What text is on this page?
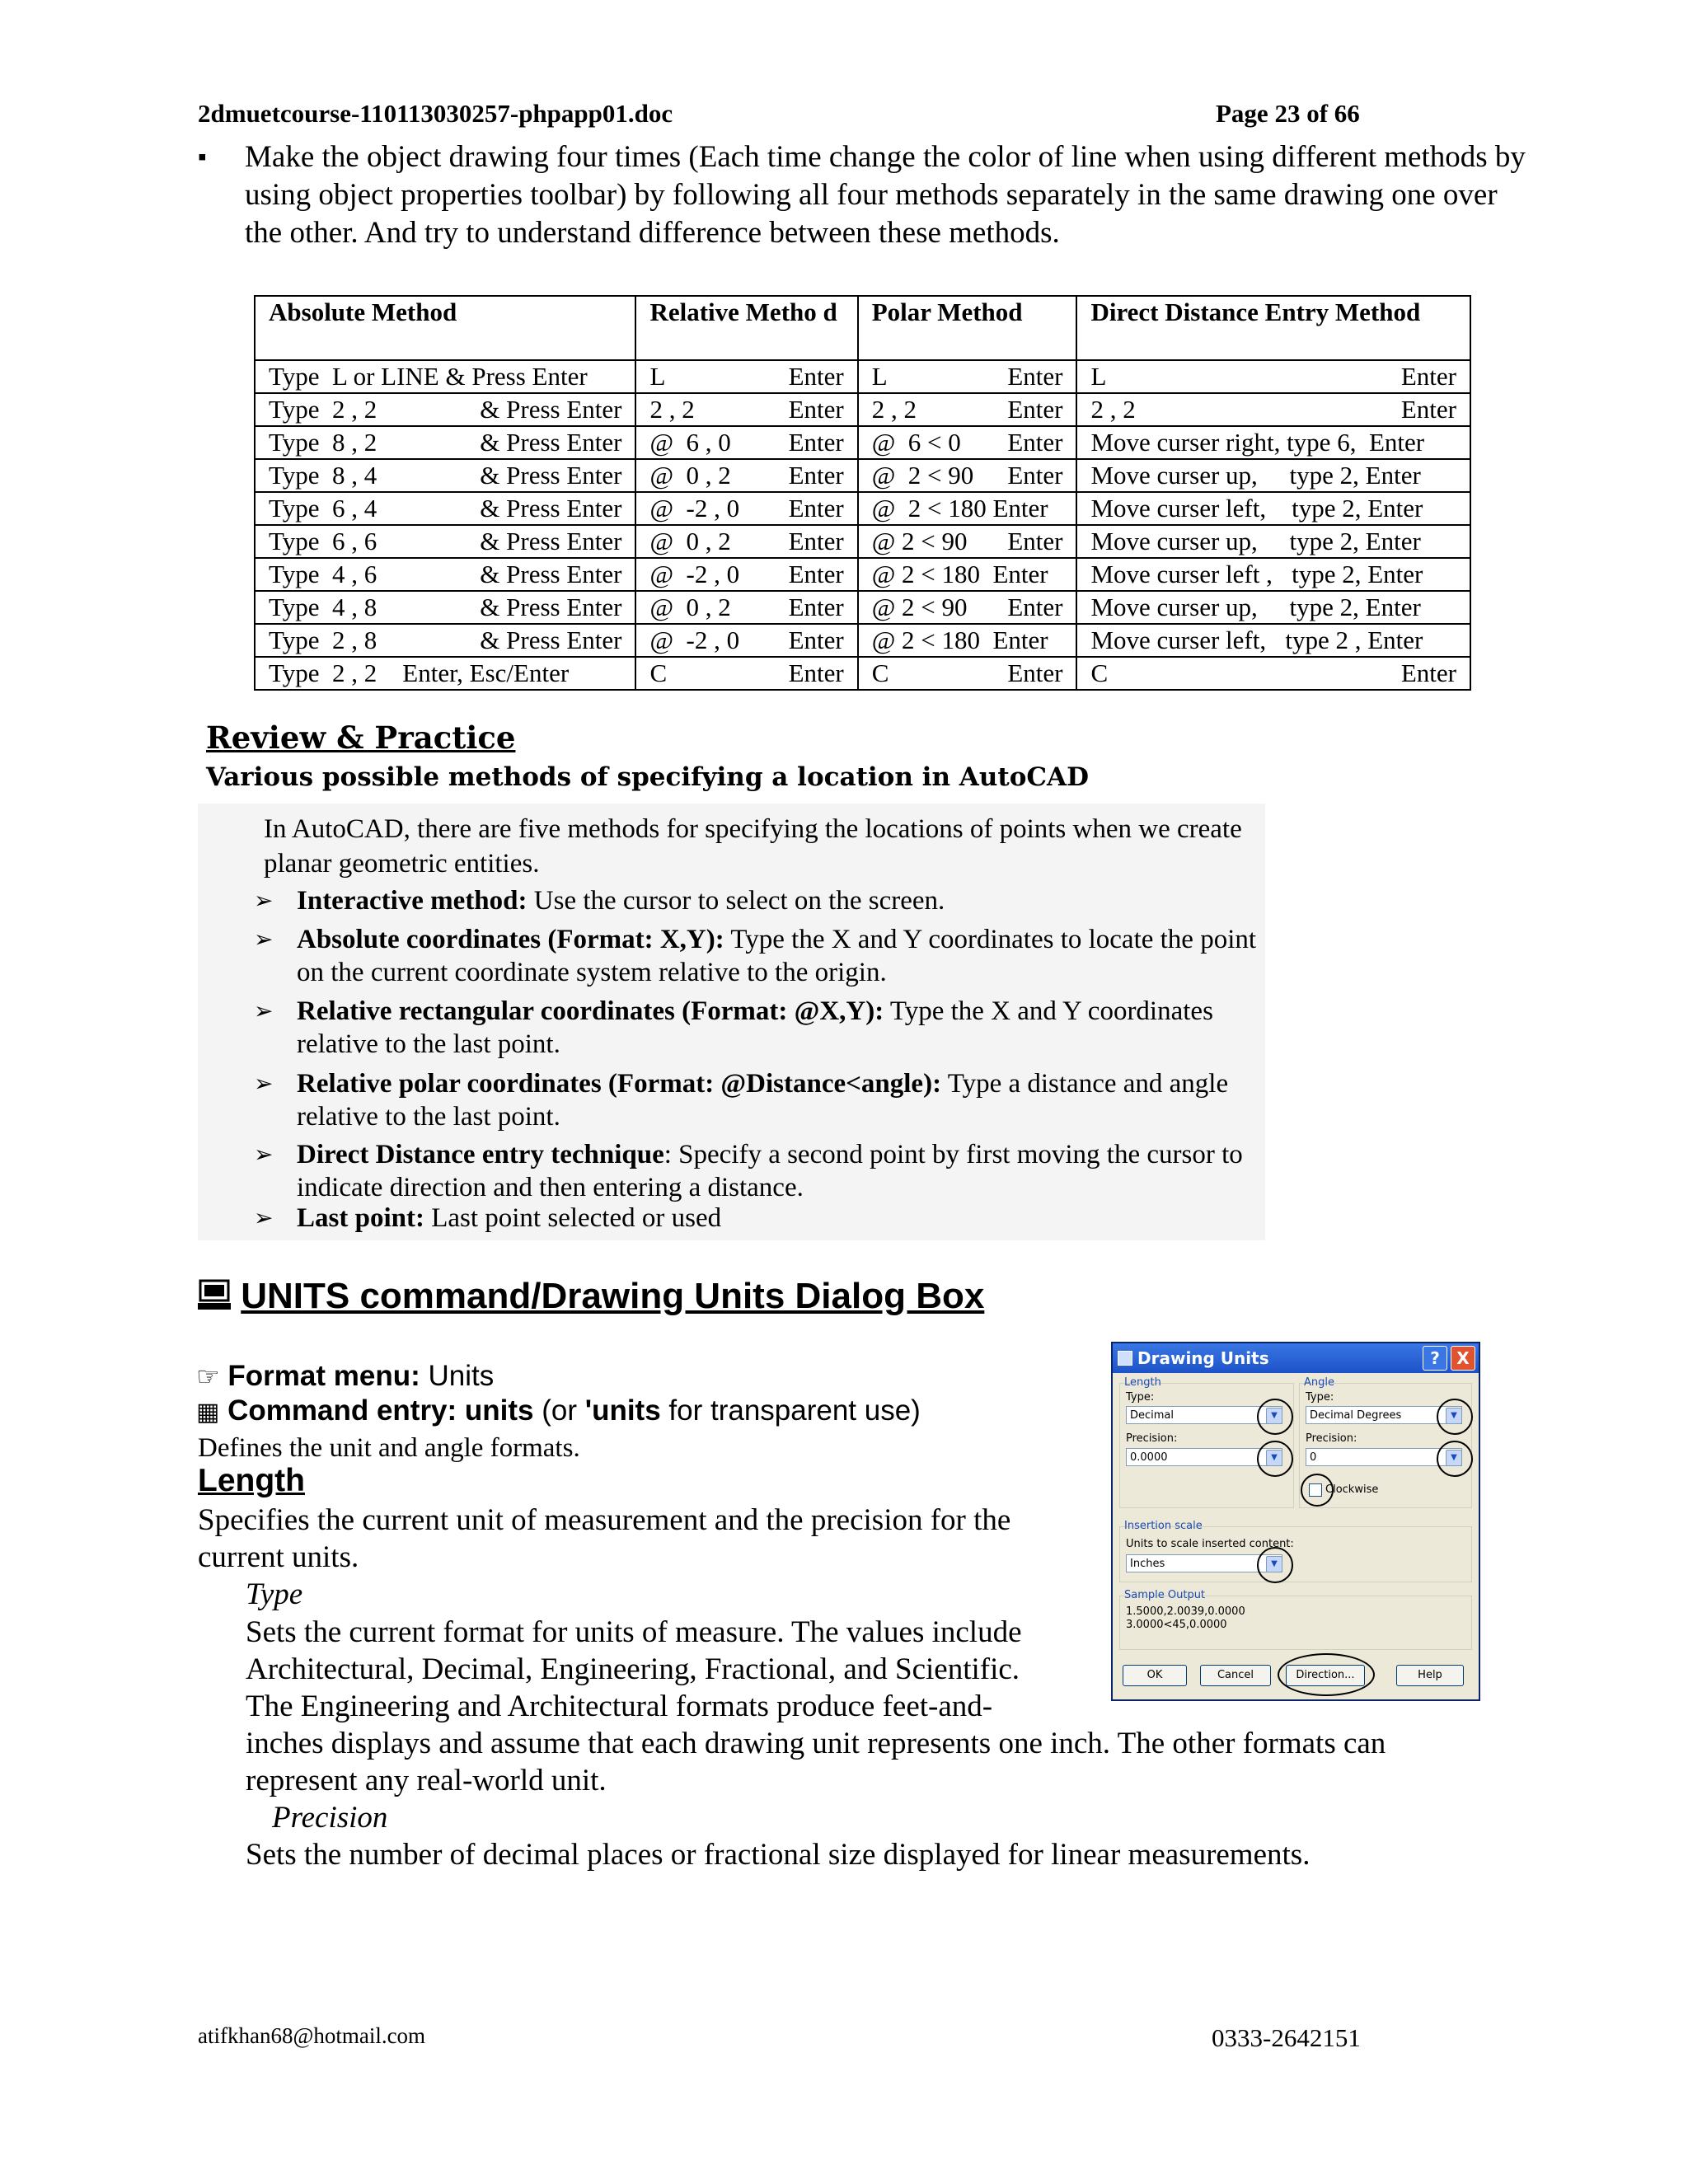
2dmuetcourse-110113030257-phpapp01.doc	Page 23 of 66
▪ Make the object drawing four times (Each time change the color of line when using different methods by using object properties toolbar) by following all four methods separately in the same drawing one over the other. And try to understand difference between these methods.
Absolute Method	Relative Metho d	Polar Method	Direct Distance Entry Method

Type  L or LINE & Press Enter	L Enter	L Enter	L Enter

Type  2 , 2 & Press Enter	2 , 2 Enter	2 , 2 Enter	2 , 2 Enter

Type  8 , 2 & Press Enter	@  6 , 0 Enter	@  6 < 0 Enter	Move curser right, type 6,  Enter

Type  8 , 4 & Press Enter	@  0 , 2 Enter	@  2 < 90 Enter	Move curser up,     type 2, Enter

Type  6 , 4 & Press Enter	@  -2 , 0 Enter	@  2 < 180 Enter	Move curser left,    type 2, Enter

Type  6 , 6 & Press Enter	@  0 , 2 Enter	@ 2 < 90 Enter	Move curser up,     type 2, Enter

Type  4 , 6 & Press Enter	@  -2 , 0 Enter	@ 2 < 180  Enter	Move curser left ,   type 2, Enter

Type  4 , 8 & Press Enter	@  0 , 2 Enter	@ 2 < 90 Enter	Move curser up,     type 2, Enter

Type  2 , 8 & Press Enter	@  -2 , 0 Enter	@ 2 < 180  Enter	Move curser left,   type 2 , Enter

Type  2 , 2    Enter, Esc/Enter	C Enter	C Enter	C Enter
Review & Practice
Various possible methods of specifying a location in AutoCAD
In AutoCAD, there are five methods for specifying the locations of points when we create planar geometric entities.
➢ Interactive method: Use the cursor to select on the screen.
➢ Absolute coordinates (Format: X,Y): Type the X and Y coordinates to locate the point on the current coordinate system relative to the origin.
➢ Relative rectangular coordinates (Format: @X,Y): Type the X and Y coordinates relative to the last point.
➢ Relative polar coordinates (Format: @Distance<angle): Type a distance and angle relative to the last point.
➢ Direct Distance entry technique: Specify a second point by first moving the cursor to indicate direction and then entering a distance.
➢ Last point: Last point selected or used
UNITS command/Drawing Units Dialog Box
☞ Format menu: Units
▦ Command entry: units (or 'units for transparent use)
Defines the unit and angle formats.
Length
Specifies the current unit of measurement and the precision for the current units.
Type
Sets the current format for units of measure. The values include
Architectural, Decimal, Engineering, Fractional, and Scientific.
The Engineering and Architectural formats produce feet-and-
inches displays and assume that each drawing unit represents one inch. The other formats can
represent any real-world unit.
Precision
Sets the number of decimal places or fractional size displayed for linear measurements.
Drawing Units	?	X
Length	Angle
Type:	Type:
Decimal	▼	Decimal Degrees	▼
Precision:	Precision:
0.0000	▼	0	▼
Clockwise
Insertion scale
Units to scale inserted content:
Inches	▼
Sample Output
1.5000,2.0039,0.0000
3.0000<45,0.0000
OK	Cancel	Direction...	Help
atifkhan68@hotmail.com	0333-2642151
